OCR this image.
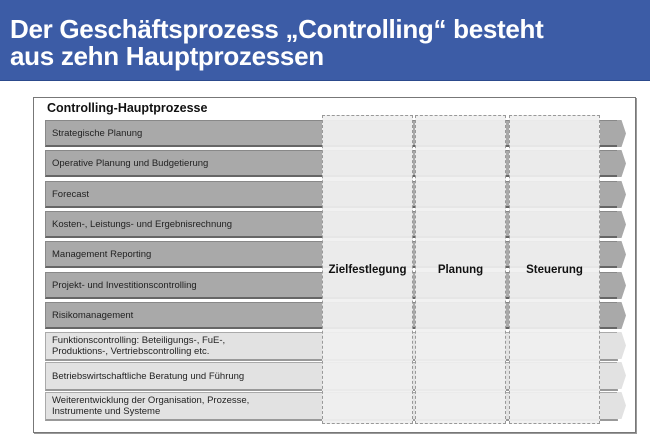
Der Geschäftsprozess „Controlling“ besteht
aus zehn Hauptprozessen
Controlling-Hauptprozesse
Strategische Planung
Operative Planung und Budgetierung
Forecast
Kosten-, Leistungs- und Ergebnisrechnung
Management Reporting
Projekt- und Investitionscontrolling
Risikomanagement
Funktionscontrolling: Beteiligungs-, FuE-,
Produktions-, Vertriebscontrolling etc.
Betriebswirtschaftliche Beratung und Führung
Weiterentwicklung der Organisation, Prozesse,
Instrumente und Systeme
Zielfestlegung	Planung	Steuerung
